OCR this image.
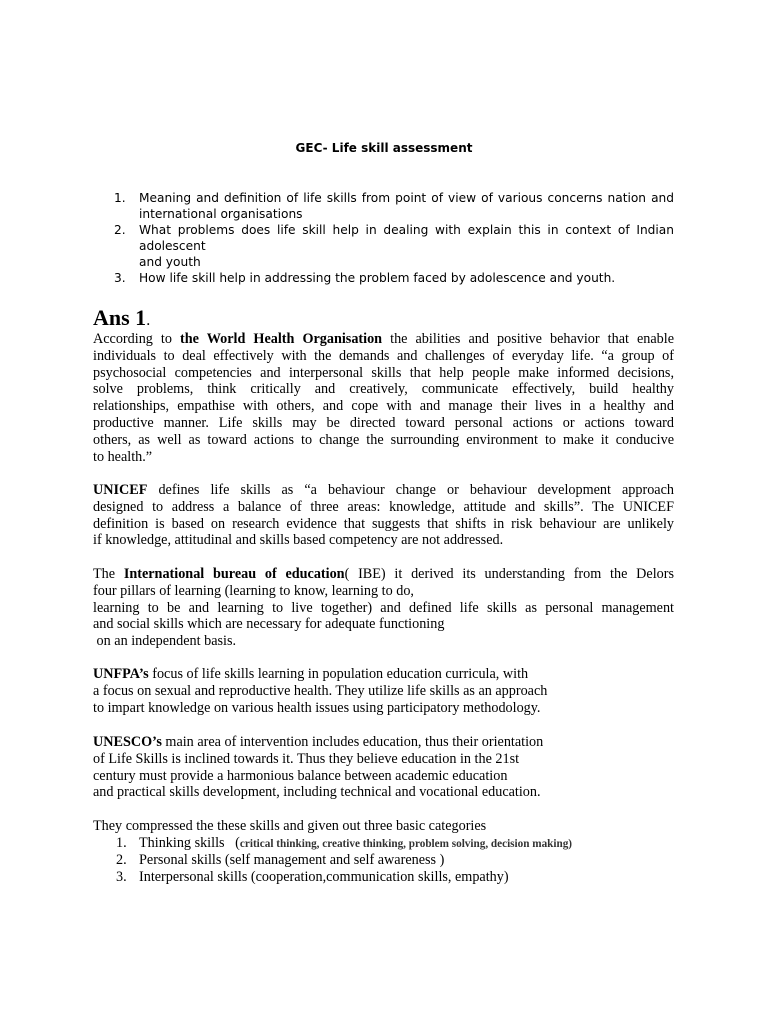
GEC- Life skill assessment
1. Meaning and definition of life skills from point of view of various concerns nation and
international organisations
2. What problems does life skill help in dealing with explain this in context of Indian adolescent
and youth
3. How life skill help in addressing the problem faced by adolescence and youth.
Ans 1.
According to the World Health Organisation the abilities and positive behavior that enable
individuals to deal effectively with the demands and challenges of everyday life. “a group of
psychosocial competencies and interpersonal skills that help people make informed decisions,
solve problems, think critically and creatively, communicate effectively, build healthy
relationships, empathise with others, and cope with and manage their lives in a healthy and
productive manner. Life skills may be directed toward personal actions or actions toward
others, as well as toward actions to change the surrounding environment to make it conducive
to health.”
UNICEF defines life skills as “a behaviour change or behaviour development approach
designed to address a balance of three areas: knowledge, attitude and skills”. The UNICEF
definition is based on research evidence that suggests that shifts in risk behaviour are unlikely
if knowledge, attitudinal and skills based competency are not addressed.
The International bureau of education( IBE) it derived its understanding from the Delors
four pillars of learning (learning to know, learning to do,
learning to be and learning to live together) and defined life skills as personal management
and social skills which are necessary for adequate functioning
on an independent basis.
UNFPA’s focus of life skills learning in population education curricula, with
a focus on sexual and reproductive health. They utilize life skills as an approach
to impart knowledge on various health issues using participatory methodology.
UNESCO’s main area of intervention includes education, thus their orientation
of Life Skills is inclined towards it. Thus they believe education in the 21st
century must provide a harmonious balance between academic education
and practical skills development, including technical and vocational education.
They compressed the these skills and given out three basic categories
1. Thinking skills   (critical thinking, creative thinking, problem solving, decision making)
2. Personal skills (self management and self awareness )
3. Interpersonal skills (cooperation,communication skills, empathy)
